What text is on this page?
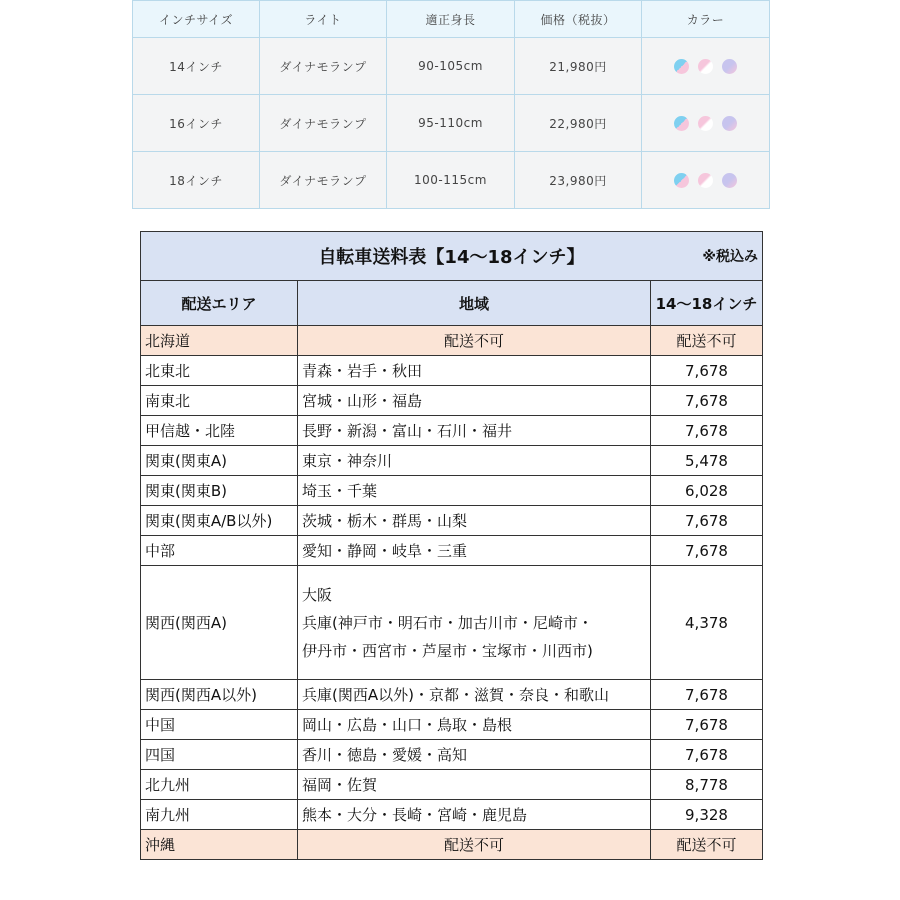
インチサイズ	ライト	適正身長	価格（税抜）	カラー
14インチ	ダイナモランプ	90-105cm	21,980円	

16インチ	ダイナモランプ	95-110cm	22,980円	

18インチ	ダイナモランプ	100-115cm	23,980円	
自転車送料表【14～18インチ】 ※税込み		

配送エリア	地域	14～18インチ
北海道	配送不可	配送不可
北東北	青森・岩手・秋田	7,678
南東北	宮城・山形・福島	7,678
甲信越・北陸	長野・新潟・富山・石川・福井	7,678
関東(関東A)	東京・神奈川	5,478
関東(関東B)	埼玉・千葉	6,028
関東(関東A/B以外)	茨城・栃木・群馬・山梨	7,678
中部	愛知・静岡・岐阜・三重	7,678
関西(関西A)	大阪
兵庫(神戸市・明石市・加古川市・尼崎市・
伊丹市・西宮市・芦屋市・宝塚市・川西市)	4,378
関西(関西A以外)	兵庫(関西A以外)・京都・滋賀・奈良・和歌山	7,678
中国	岡山・広島・山口・鳥取・島根	7,678
四国	香川・徳島・愛媛・高知	7,678
北九州	福岡・佐賀	8,778
南九州	熊本・大分・長崎・宮崎・鹿児島	9,328
沖縄	配送不可	配送不可
